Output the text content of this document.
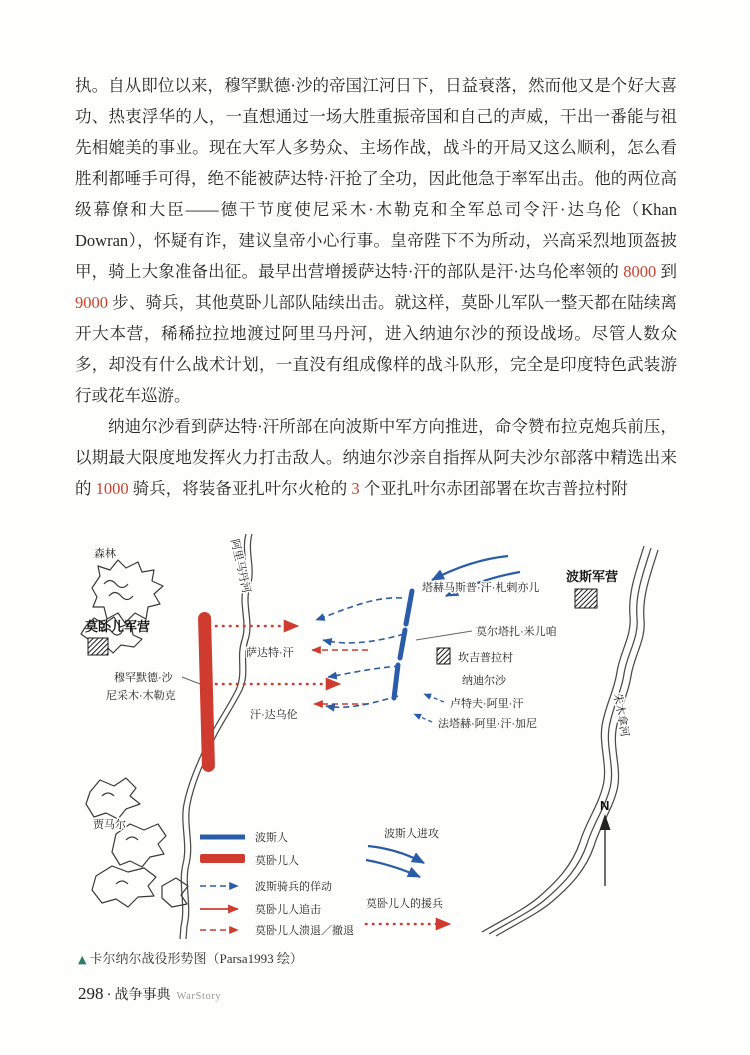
执。自从即位以来，穆罕默德·沙的帝国江河日下，日益衰落，然而他又是个好大喜功、热衷浮华的人，一直想通过一场大胜重振帝国和自己的声威，干出一番能与祖先相媲美的事业。现在大军人多势众、主场作战，战斗的开局又这么顺利，怎么看胜利都唾手可得，绝不能被萨达特·汗抢了全功，因此他急于率军出击。他的两位高级幕僚和大臣——德干节度使尼采木·木勒克和全军总司令汗·达乌伦（Khan Dowran），怀疑有诈，建议皇帝小心行事。皇帝陛下不为所动，兴高采烈地顶盔披甲，骑上大象准备出征。最早出营增援萨达特·汗的部队是汗·达乌伦率领的 8000 到 9000 步、骑兵，其他莫卧儿部队陆续出击。就这样，莫卧儿军队一整天都在陆续离开大本营，稀稀拉拉地渡过阿里马丹河，进入纳迪尔沙的预设战场。尽管人数众多，却没有什么战术计划，一直没有组成像样的战斗队形，完全是印度特色武装游行或花车巡游。

纳迪尔沙看到萨达特·汗所部在向波斯中军方向推进，命令赞布拉克炮兵前压，以期最大限度地发挥火力打击敌人。纳迪尔沙亲自指挥从阿夫沙尔部落中精选出来的 1000 骑兵，将装备亚扎叶尔火枪的 3 个亚扎叶尔赤团部署在坎吉普拉村附

森林	阿里马丹河
莫卧儿军营
穆罕默德·沙
尼采木·木勒克
萨达特·汗
汗·达乌伦
塔赫马斯普·汗·札剌亦儿
波斯军营
莫尔塔扎·米儿咱
坎吉普拉村
纳迪尔沙
卢特夫·阿里·汗
法塔赫·阿里·汗·加尼	朱木拿河
贾马尔
波斯人
莫卧儿人
波斯骑兵的佯动
莫卧儿人追击
莫卧儿人溃退／撤退
波斯人进攻
莫卧儿人的援兵
N
▲ 卡尔纳尔战役形势图（Parsa1993 绘）
298 · 战争事典 WarStory
